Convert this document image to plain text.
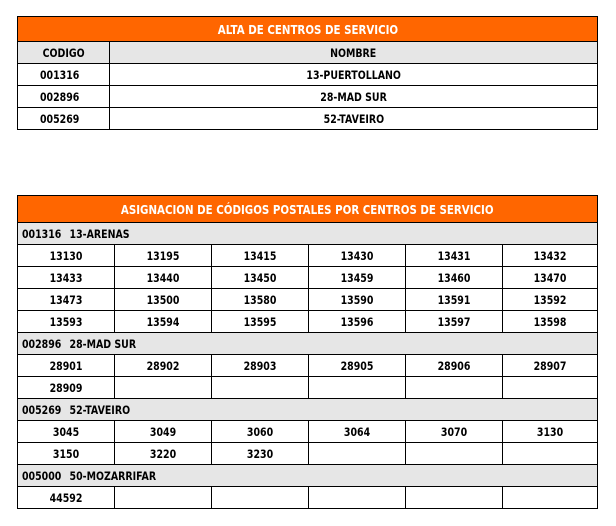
ALTA DE CENTROS DE SERVICIO	
CODIGO	NOMBRE
001316	13-PUERTOLLANO
002896	28-MAD SUR
005269	52-TAVEIRO
ASIGNACION DE CÓDIGOS POSTALES POR CENTROS DE SERVICIO					
001316 13-ARENAS					
13130	13195	13415	13430	13431	13432
13433	13440	13450	13459	13460	13470
13473	13500	13580	13590	13591	13592
13593	13594	13595	13596	13597	13598
002896 28-MAD SUR					
28901	28902	28903	28905	28906	28907
28909					
005269 52-TAVEIRO					
3045	3049	3060	3064	3070	3130
3150	3220	3230			
005000 50-MOZARRIFAR					
44592					
